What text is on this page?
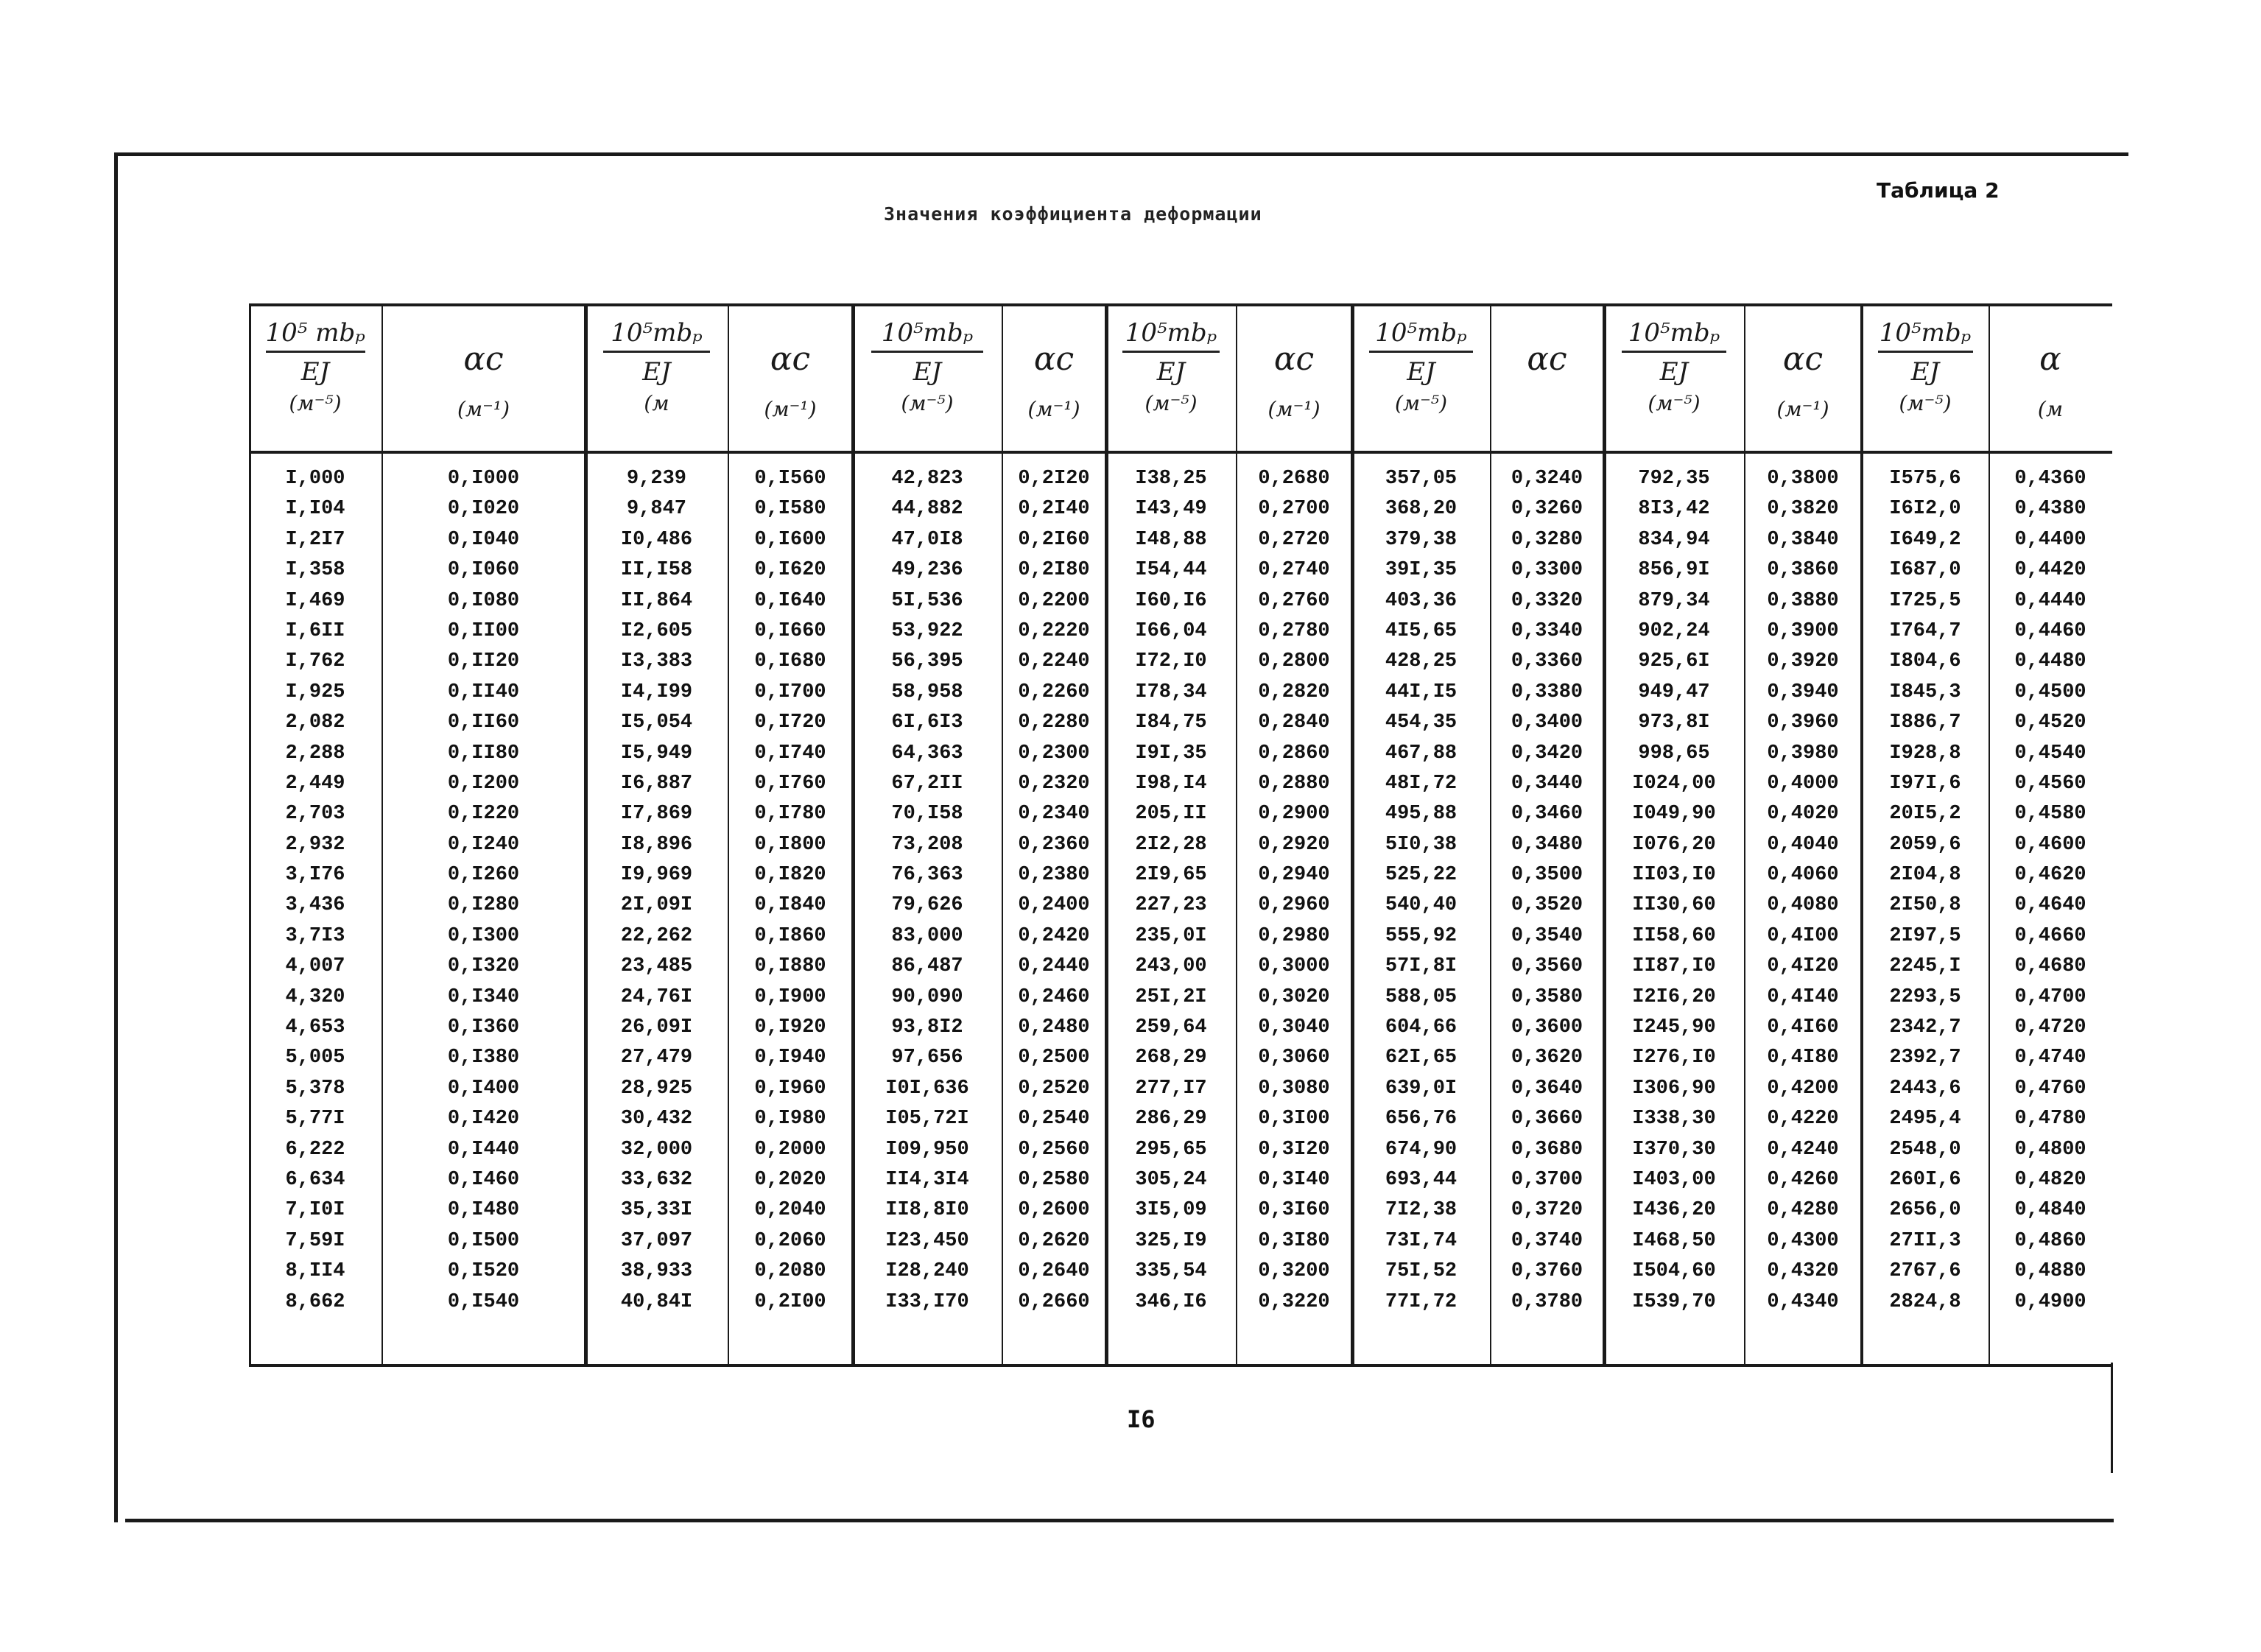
Значения коэффициента деформации
Таблица 2
10⁵ mbₚ
EJ
(м⁻⁵)
I,000
I,I04
I,2I7
I,358
I,469
I,6II
I,762
I,925
2,082
2,288
2,449
2,703
2,932
3,I76
3,436
3,7I3
4,007
4,320
4,653
5,005
5,378
5,77I
6,222
6,634
7,I0I
7,59I
8,II4
8,662
αс
(м⁻¹)
0,I000
0,I020
0,I040
0,I060
0,I080
0,II00
0,II20
0,II40
0,II60
0,II80
0,I200
0,I220
0,I240
0,I260
0,I280
0,I300
0,I320
0,I340
0,I360
0,I380
0,I400
0,I420
0,I440
0,I460
0,I480
0,I500
0,I520
0,I540
10⁵mbₚ
EJ
(м
9,239
9,847
I0,486
II,I58
II,864
I2,605
I3,383
I4,I99
I5,054
I5,949
I6,887
I7,869
I8,896
I9,969
2I,09I
22,262
23,485
24,76I
26,09I
27,479
28,925
30,432
32,000
33,632
35,33I
37,097
38,933
40,84I
αс
(м⁻¹)
0,I560
0,I580
0,I600
0,I620
0,I640
0,I660
0,I680
0,I700
0,I720
0,I740
0,I760
0,I780
0,I800
0,I820
0,I840
0,I860
0,I880
0,I900
0,I920
0,I940
0,I960
0,I980
0,2000
0,2020
0,2040
0,2060
0,2080
0,2I00
10⁵mbₚ
EJ
(м⁻⁵)
42,823
44,882
47,0I8
49,236
5I,536
53,922
56,395
58,958
6I,6I3
64,363
67,2II
70,I58
73,208
76,363
79,626
83,000
86,487
90,090
93,8I2
97,656
I0I,636
I05,72I
I09,950
II4,3I4
II8,8I0
I23,450
I28,240
I33,I70
αс
(м⁻¹)
0,2I20
0,2I40
0,2I60
0,2I80
0,2200
0,2220
0,2240
0,2260
0,2280
0,2300
0,2320
0,2340
0,2360
0,2380
0,2400
0,2420
0,2440
0,2460
0,2480
0,2500
0,2520
0,2540
0,2560
0,2580
0,2600
0,2620
0,2640
0,2660
10⁵mbₚ
EJ
(м⁻⁵)
I38,25
I43,49
I48,88
I54,44
I60,I6
I66,04
I72,I0
I78,34
I84,75
I9I,35
I98,I4
205,II
2I2,28
2I9,65
227,23
235,0I
243,00
25I,2I
259,64
268,29
277,I7
286,29
295,65
305,24
3I5,09
325,I9
335,54
346,I6
αс
(м⁻¹)
0,2680
0,2700
0,2720
0,2740
0,2760
0,2780
0,2800
0,2820
0,2840
0,2860
0,2880
0,2900
0,2920
0,2940
0,2960
0,2980
0,3000
0,3020
0,3040
0,3060
0,3080
0,3I00
0,3I20
0,3I40
0,3I60
0,3I80
0,3200
0,3220
10⁵mbₚ
EJ
(м⁻⁵)
357,05
368,20
379,38
39I,35
403,36
4I5,65
428,25
44I,I5
454,35
467,88
48I,72
495,88
5I0,38
525,22
540,40
555,92
57I,8I
588,05
604,66
62I,65
639,0I
656,76
674,90
693,44
7I2,38
73I,74
75I,52
77I,72
αс
0,3240
0,3260
0,3280
0,3300
0,3320
0,3340
0,3360
0,3380
0,3400
0,3420
0,3440
0,3460
0,3480
0,3500
0,3520
0,3540
0,3560
0,3580
0,3600
0,3620
0,3640
0,3660
0,3680
0,3700
0,3720
0,3740
0,3760
0,3780
10⁵mbₚ
EJ
(м⁻⁵)
792,35
8I3,42
834,94
856,9I
879,34
902,24
925,6I
949,47
973,8I
998,65
I024,00
I049,90
I076,20
II03,I0
II30,60
II58,60
II87,I0
I2I6,20
I245,90
I276,I0
I306,90
I338,30
I370,30
I403,00
I436,20
I468,50
I504,60
I539,70
αс
(м⁻¹)
0,3800
0,3820
0,3840
0,3860
0,3880
0,3900
0,3920
0,3940
0,3960
0,3980
0,4000
0,4020
0,4040
0,4060
0,4080
0,4I00
0,4I20
0,4I40
0,4I60
0,4I80
0,4200
0,4220
0,4240
0,4260
0,4280
0,4300
0,4320
0,4340
10⁵mbₚ
EJ
(м⁻⁵)
I575,6
I6I2,0
I649,2
I687,0
I725,5
I764,7
I804,6
I845,3
I886,7
I928,8
I97I,6
20I5,2
2059,6
2I04,8
2I50,8
2I97,5
2245,I
2293,5
2342,7
2392,7
2443,6
2495,4
2548,0
260I,6
2656,0
27II,3
2767,6
2824,8
α
(м
0,4360
0,4380
0,4400
0,4420
0,4440
0,4460
0,4480
0,4500
0,4520
0,4540
0,4560
0,4580
0,4600
0,4620
0,4640
0,4660
0,4680
0,4700
0,4720
0,4740
0,4760
0,4780
0,4800
0,4820
0,4840
0,4860
0,4880
0,4900
I6
